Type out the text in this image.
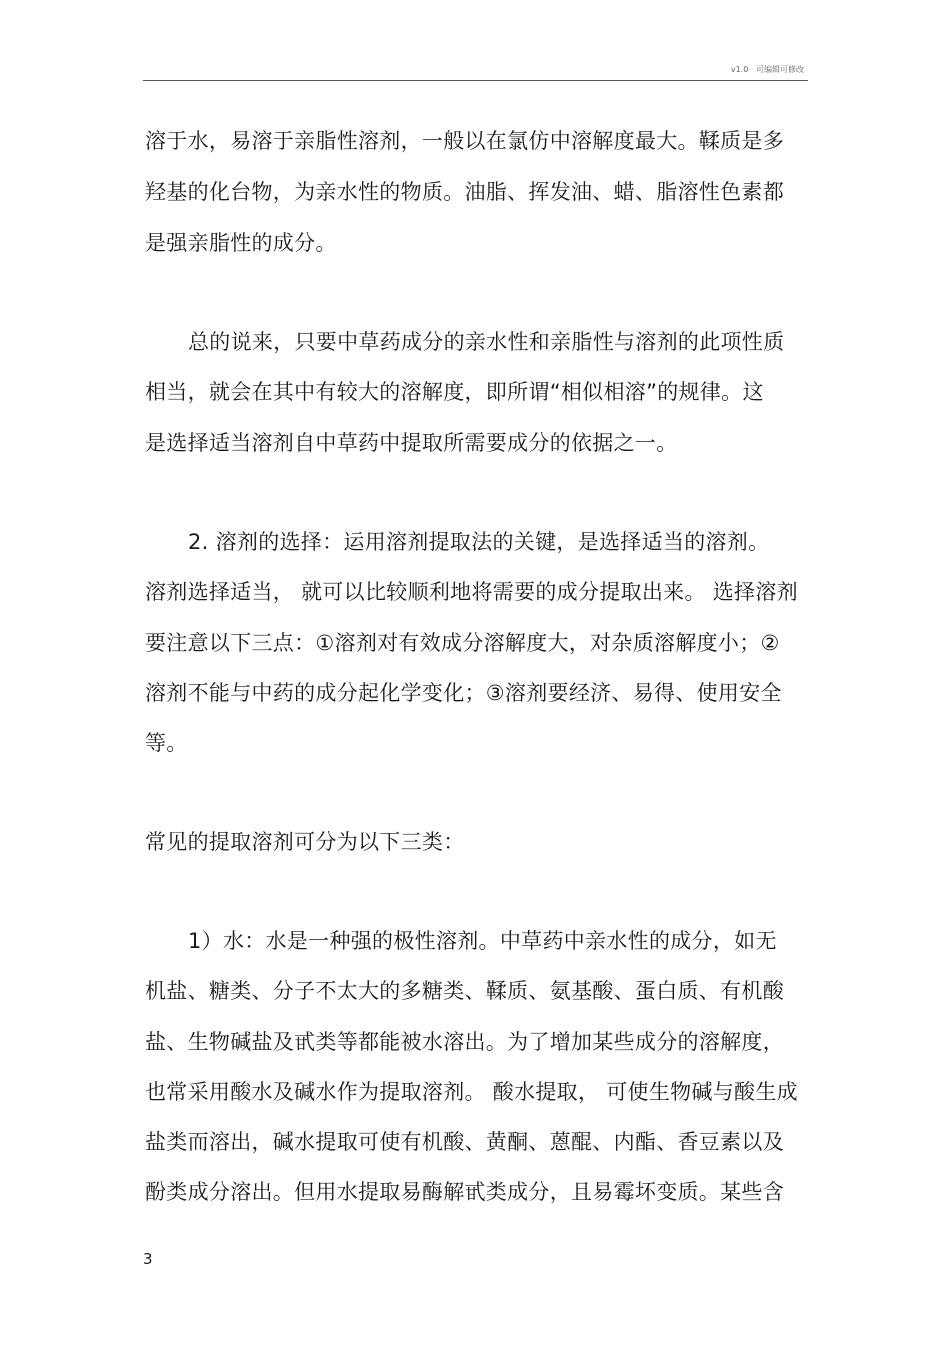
v1.0 可编辑可修改
溶于水，易溶于亲脂性溶剂，一般以在氯仿中溶解度最大。鞣质是多
羟基的化台物，为亲水性的物质。油脂、挥发油、蜡、脂溶性色素都
是强亲脂性的成分。
总的说来，只要中草药成分的亲水性和亲脂性与溶剂的此项性质
相当，就会在其中有较大的溶解度，即所谓“相似相溶”的规律。这
是选择适当溶剂自中草药中提取所需要成分的依据之一。
2. 溶剂的选择：运用溶剂提取法的关键，是选择适当的溶剂。
溶剂选择适当， 就可以比较顺利地将需要的成分提取出来。 选择溶剂
要注意以下三点：①溶剂对有效成分溶解度大，对杂质溶解度小；②
溶剂不能与中药的成分起化学变化；③溶剂要经济、易得、使用安全
等。
常见的提取溶剂可分为以下三类：
1）水：水是一种强的极性溶剂。中草药中亲水性的成分，如无
机盐、糖类、分子不太大的多糖类、鞣质、氨基酸、蛋白质、有机酸
盐、生物碱盐及甙类等都能被水溶出。为了增加某些成分的溶解度，
也常采用酸水及碱水作为提取溶剂。 酸水提取， 可使生物碱与酸生成
盐类而溶出，碱水提取可使有机酸、黄酮、蒽醌、内酯、香豆素以及
酚类成分溶出。但用水提取易酶解甙类成分，且易霉坏变质。某些含
3
